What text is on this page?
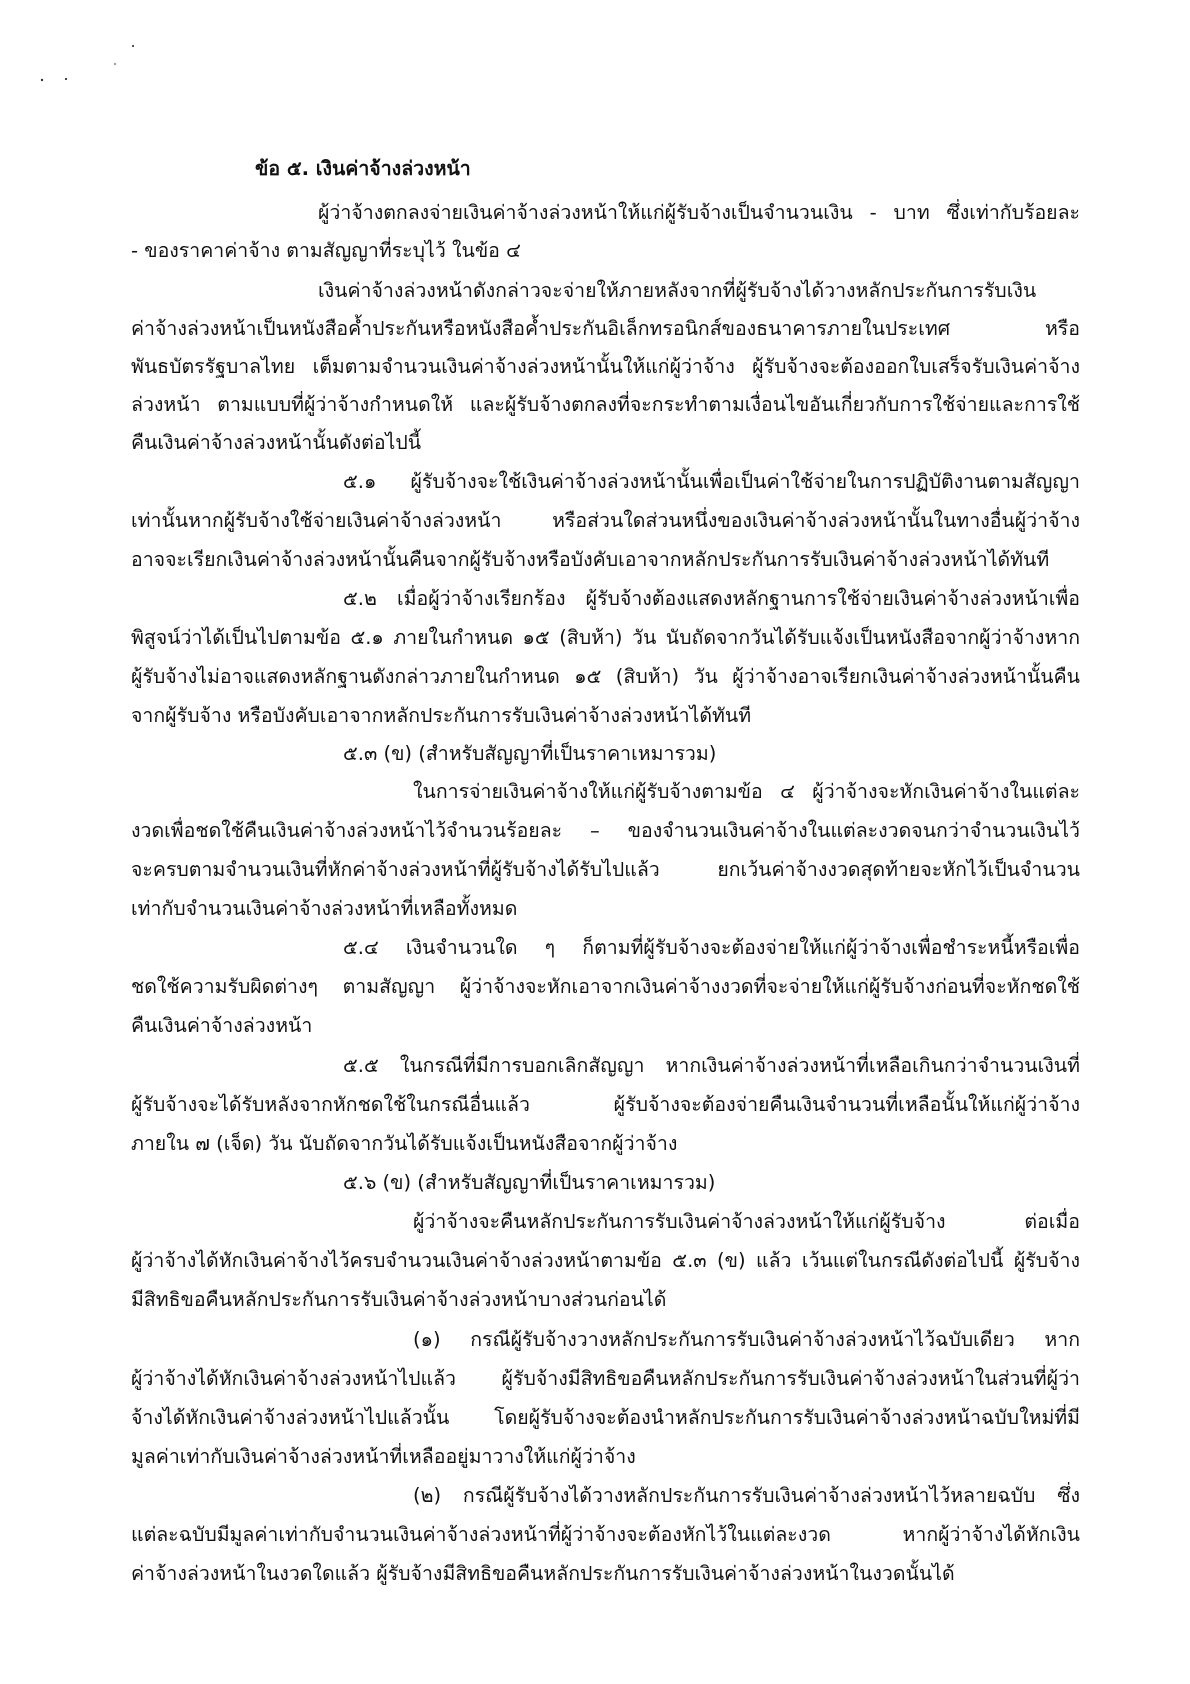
ข้อ ๕. เงินค่าจ้างล่วงหน้า
ผู้ว่าจ้างตกลงจ่ายเงินค่าจ้างล่วงหน้าให้แก่ผู้รับจ้างเป็นจำนวนเงิน - บาท ซึ่งเท่ากับร้อยละ
- ของราคาค่าจ้าง ตามสัญญาที่ระบุไว้ ในข้อ ๔
เงินค่าจ้างล่วงหน้าดังกล่าวจะจ่ายให้ภายหลังจากที่ผู้รับจ้างได้วางหลักประกันการรับเงิน
ค่าจ้างล่วงหน้าเป็นหนังสือค้ำประกันหรือหนังสือค้ำประกันอิเล็กทรอนิกส์ของธนาคารภายในประเทศ หรือ
พันธบัตรรัฐบาลไทย เต็มตามจำนวนเงินค่าจ้างล่วงหน้านั้นให้แก่ผู้ว่าจ้าง ผู้รับจ้างจะต้องออกใบเสร็จรับเงินค่าจ้าง
ล่วงหน้า ตามแบบที่ผู้ว่าจ้างกำหนดให้ และผู้รับจ้างตกลงที่จะกระทำตามเงื่อนไขอันเกี่ยวกับการใช้จ่ายและการใช้
คืนเงินค่าจ้างล่วงหน้านั้นดังต่อไปนี้
๕.๑ ผู้รับจ้างจะใช้เงินค่าจ้างล่วงหน้านั้นเพื่อเป็นค่าใช้จ่ายในการปฏิบัติงานตามสัญญา
เท่านั้นหากผู้รับจ้างใช้จ่ายเงินค่าจ้างล่วงหน้า หรือส่วนใดส่วนหนึ่งของเงินค่าจ้างล่วงหน้านั้นในทางอื่นผู้ว่าจ้าง
อาจจะเรียกเงินค่าจ้างล่วงหน้านั้นคืนจากผู้รับจ้างหรือบังคับเอาจากหลักประกันการรับเงินค่าจ้างล่วงหน้าได้ทันที
๕.๒ เมื่อผู้ว่าจ้างเรียกร้อง ผู้รับจ้างต้องแสดงหลักฐานการใช้จ่ายเงินค่าจ้างล่วงหน้าเพื่อ
พิสูจน์ว่าได้เป็นไปตามข้อ ๕.๑ ภายในกำหนด ๑๕ (สิบห้า) วัน นับถัดจากวันได้รับแจ้งเป็นหนังสือจากผู้ว่าจ้างหาก
ผู้รับจ้างไม่อาจแสดงหลักฐานดังกล่าวภายในกำหนด ๑๕ (สิบห้า) วัน ผู้ว่าจ้างอาจเรียกเงินค่าจ้างล่วงหน้านั้นคืน
จากผู้รับจ้าง หรือบังคับเอาจากหลักประกันการรับเงินค่าจ้างล่วงหน้าได้ทันที
๕.๓ (ข) (สำหรับสัญญาที่เป็นราคาเหมารวม)
ในการจ่ายเงินค่าจ้างให้แก่ผู้รับจ้างตามข้อ ๔ ผู้ว่าจ้างจะหักเงินค่าจ้างในแต่ละ
งวดเพื่อชดใช้คืนเงินค่าจ้างล่วงหน้าไว้จำนวนร้อยละ – ของจำนวนเงินค่าจ้างในแต่ละงวดจนกว่าจำนวนเงินไว้
จะครบตามจำนวนเงินที่หักค่าจ้างล่วงหน้าที่ผู้รับจ้างได้รับไปแล้ว ยกเว้นค่าจ้างงวดสุดท้ายจะหักไว้เป็นจำนวน
เท่ากับจำนวนเงินค่าจ้างล่วงหน้าที่เหลือทั้งหมด
๕.๔ เงินจำนวนใด ๆ ก็ตามที่ผู้รับจ้างจะต้องจ่ายให้แก่ผู้ว่าจ้างเพื่อชำระหนี้หรือเพื่อ
ชดใช้ความรับผิดต่างๆ ตามสัญญา ผู้ว่าจ้างจะหักเอาจากเงินค่าจ้างงวดที่จะจ่ายให้แก่ผู้รับจ้างก่อนที่จะหักชดใช้
คืนเงินค่าจ้างล่วงหน้า
๕.๕ ในกรณีที่มีการบอกเลิกสัญญา หากเงินค่าจ้างล่วงหน้าที่เหลือเกินกว่าจำนวนเงินที่
ผู้รับจ้างจะได้รับหลังจากหักชดใช้ในกรณีอื่นแล้ว ผู้รับจ้างจะต้องจ่ายคืนเงินจำนวนที่เหลือนั้นให้แก่ผู้ว่าจ้าง
ภายใน ๗ (เจ็ด) วัน นับถัดจากวันได้รับแจ้งเป็นหนังสือจากผู้ว่าจ้าง
๕.๖ (ข) (สำหรับสัญญาที่เป็นราคาเหมารวม)
ผู้ว่าจ้างจะคืนหลักประกันการรับเงินค่าจ้างล่วงหน้าให้แก่ผู้รับจ้าง ต่อเมื่อ
ผู้ว่าจ้างได้หักเงินค่าจ้างไว้ครบจำนวนเงินค่าจ้างล่วงหน้าตามข้อ ๕.๓ (ข) แล้ว เว้นแต่ในกรณีดังต่อไปนี้ ผู้รับจ้าง
มีสิทธิขอคืนหลักประกันการรับเงินค่าจ้างล่วงหน้าบางส่วนก่อนได้
(๑) กรณีผู้รับจ้างวางหลักประกันการรับเงินค่าจ้างล่วงหน้าไว้ฉบับเดียว หาก
ผู้ว่าจ้างได้หักเงินค่าจ้างล่วงหน้าไปแล้ว ผู้รับจ้างมีสิทธิขอคืนหลักประกันการรับเงินค่าจ้างล่วงหน้าในส่วนที่ผู้ว่า
จ้างได้หักเงินค่าจ้างล่วงหน้าไปแล้วนั้น โดยผู้รับจ้างจะต้องนำหลักประกันการรับเงินค่าจ้างล่วงหน้าฉบับใหม่ที่มี
มูลค่าเท่ากับเงินค่าจ้างล่วงหน้าที่เหลืออยู่มาวางให้แก่ผู้ว่าจ้าง
(๒) กรณีผู้รับจ้างได้วางหลักประกันการรับเงินค่าจ้างล่วงหน้าไว้หลายฉบับ ซึ่ง
แต่ละฉบับมีมูลค่าเท่ากับจำนวนเงินค่าจ้างล่วงหน้าที่ผู้ว่าจ้างจะต้องหักไว้ในแต่ละงวด หากผู้ว่าจ้างได้หักเงิน
ค่าจ้างล่วงหน้าในงวดใดแล้ว ผู้รับจ้างมีสิทธิขอคืนหลักประกันการรับเงินค่าจ้างล่วงหน้าในงวดนั้นได้
